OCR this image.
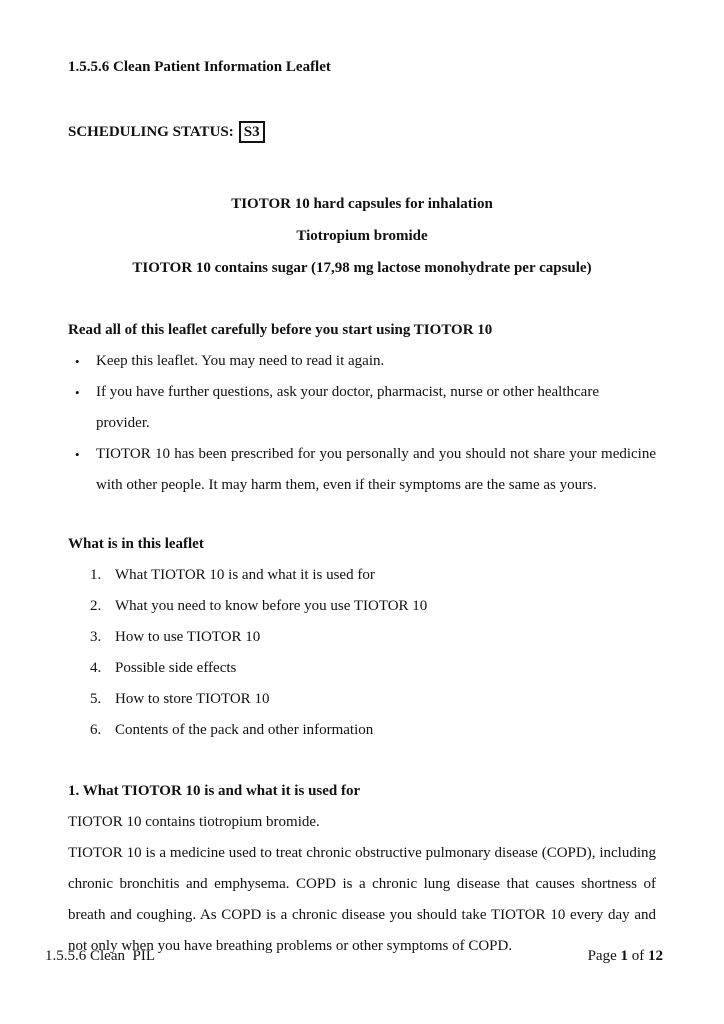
1.5.5.6 Clean Patient Information Leaflet
SCHEDULING STATUS: S3
TIOTOR 10 hard capsules for inhalation
Tiotropium bromide
TIOTOR 10 contains sugar (17,98 mg lactose monohydrate per capsule)
Read all of this leaflet carefully before you start using TIOTOR 10
• Keep this leaflet. You may need to read it again.
• If you have further questions, ask your doctor, pharmacist, nurse or other healthcare provider.
• TIOTOR 10 has been prescribed for you personally and you should not share your medicine with other people. It may harm them, even if their symptoms are the same as yours.
What is in this leaflet
1. What TIOTOR 10 is and what it is used for
2. What you need to know before you use TIOTOR 10
3. How to use TIOTOR 10
4. Possible side effects
5. How to store TIOTOR 10
6. Contents of the pack and other information
1. What TIOTOR 10 is and what it is used for
TIOTOR 10 contains tiotropium bromide.
TIOTOR 10 is a medicine used to treat chronic obstructive pulmonary disease (COPD), including chronic bronchitis and emphysema. COPD is a chronic lung disease that causes shortness of breath and coughing. As COPD is a chronic disease you should take TIOTOR 10 every day and not only when you have breathing problems or other symptoms of COPD.
1.5.5.6 Clean  PIL	Page 1 of 12
